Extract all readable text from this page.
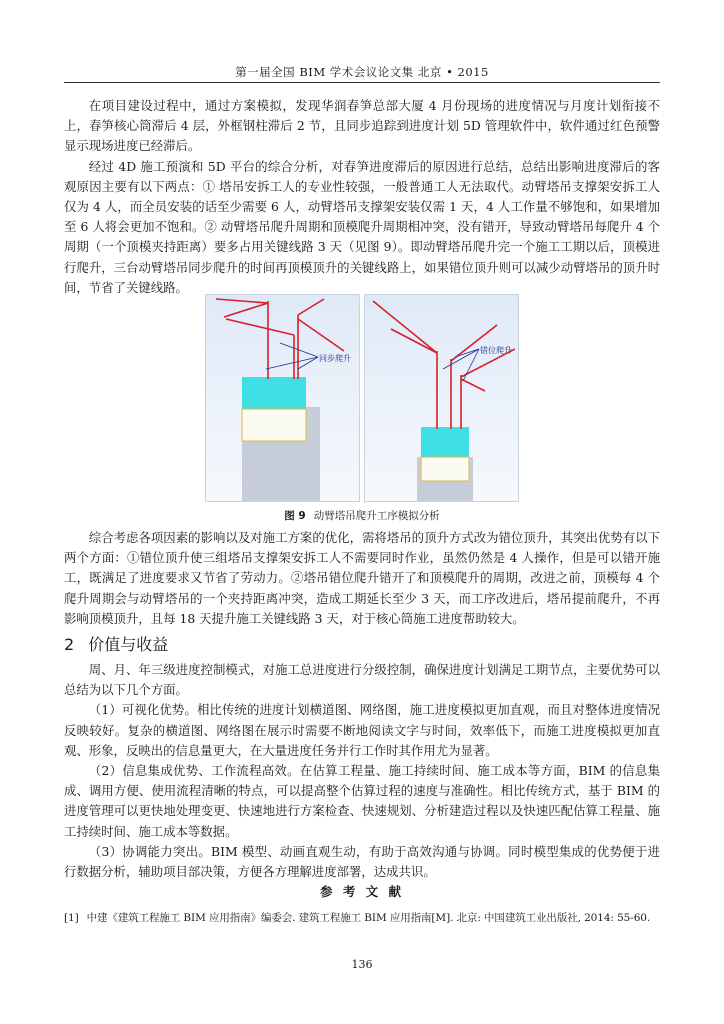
第一届全国 BIM 学术会议论文集 北京 • 2015

在项目建设过程中，通过方案模拟，发现华润春笋总部大厦 4 月份现场的进度情况与月度计划衔接不上，春笋核心筒滞后 4 层，外框钢柱滞后 2 节，且同步追踪到进度计划 5D 管理软件中，软件通过红色预警显示现场进度已经滞后。

经过 4D 施工预演和 5D 平台的综合分析，对春笋进度滞后的原因进行总结，总结出影响进度滞后的客观原因主要有以下两点：① 塔吊安拆工人的专业性较强，一般普通工人无法取代。动臂塔吊支撑架安拆工人仅为 4 人，而全员安装的话至少需要 6 人，动臂塔吊支撑架安装仅需 1 天，4 人工作量不够饱和，如果增加至 6 人将会更加不饱和。② 动臂塔吊爬升周期和顶模爬升周期相冲突，没有错开，导致动臂塔吊每爬升 4 个周期（一个顶模夹持距离）要多占用关键线路 3 天（见图 9）。即动臂塔吊爬升完一个施工工期以后，顶模进行爬升，三台动臂塔吊同步爬升的时间再顶模顶升的关键线路上，如果错位顶升则可以减少动臂塔吊的顶升时间，节省了关键线路。

同步爬升
错位爬升
图 9 动臂塔吊爬升工序模拟分析

综合考虑各项因素的影响以及对施工方案的优化，需将塔吊的顶升方式改为错位顶升，其突出优势有以下两个方面：①错位顶升使三组塔吊支撑架安拆工人不需要同时作业，虽然仍然是 4 人操作，但是可以错开施工，既满足了进度要求又节省了劳动力。②塔吊错位爬升错开了和顶模爬升的周期，改进之前，顶模每 4 个爬升周期会与动臂塔吊的一个夹持距离冲突，造成工期延长至少 3 天，而工序改进后，塔吊提前爬升，不再影响顶模顶升，且每 18 天提升施工关键线路 3 天，对于核心筒施工进度帮助较大。

2 价值与收益

周、月、年三级进度控制模式，对施工总进度进行分级控制，确保进度计划满足工期节点，主要优势可以总结为以下几个方面。

（1）可视化优势。相比传统的进度计划横道图、网络图，施工进度模拟更加直观，而且对整体进度情况反映较好。复杂的横道图、网络图在展示时需要不断地阅读文字与时间，效率低下，而施工进度模拟更加直观、形象，反映出的信息量更大，在大量进度任务并行工作时其作用尤为显著。

（2）信息集成优势、工作流程高效。在估算工程量、施工持续时间、施工成本等方面，BIM 的信息集成、调用方便、使用流程清晰的特点，可以提高整个估算过程的速度与准确性。相比传统方式，基于 BIM 的进度管理可以更快地处理变更、快速地进行方案检查、快速规划、分析建造过程以及快速匹配估算工程量、施工持续时间、施工成本等数据。

（3）协调能力突出。BIM 模型、动画直观生动，有助于高效沟通与协调。同时模型集成的优势便于进行数据分析，辅助项目部决策，方便各方理解进度部署，达成共识。

参 考 文 献
[1] 中建《建筑工程施工 BIM 应用指南》编委会. 建筑工程施工 BIM 应用指南[M]. 北京: 中国建筑工业出版社, 2014: 55-60.
136
